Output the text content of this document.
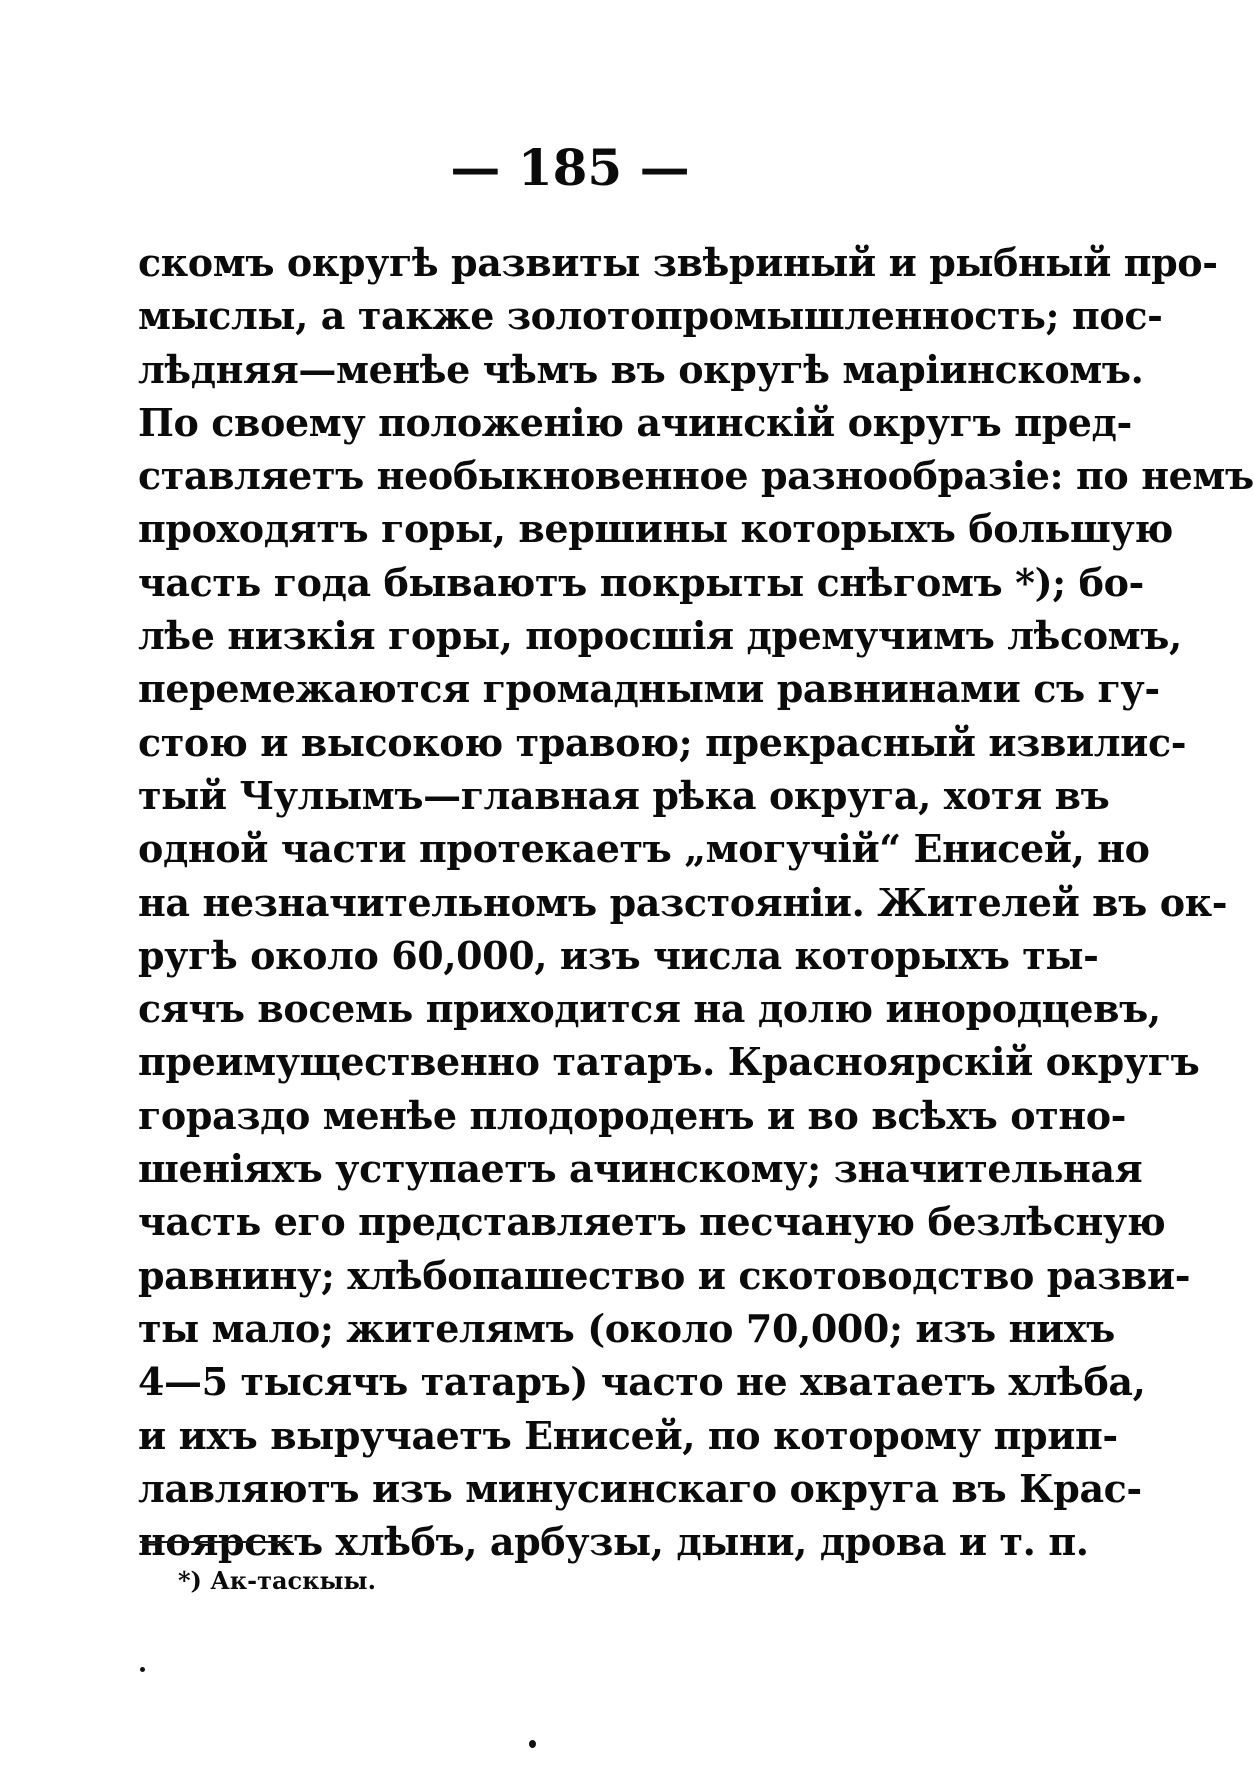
— 185 —
скомъ округѣ развиты звѣриный и рыбный про-
мыслы, а также золотопромышленность; пос-
лѣдняя—менѣе чѣмъ въ округѣ маріинскомъ.
По своему положенію ачинскій округъ пред-
ставляетъ необыкновенное разнообразіе: по немъ
проходятъ горы, вершины которыхъ большую
часть года бываютъ покрыты снѣгомъ *); бо-
лѣе низкія горы, поросшія дремучимъ лѣсомъ,
перемежаются громадными равнинами съ гу-
стою и высокою травою; прекрасный извилис-
тый Чулымъ—главная рѣка округа, хотя въ
одной части протекаетъ „могучій“ Енисей, но
на незначительномъ разстояніи. Жителей въ ок-
ругѣ около 60,000, изъ числа которыхъ ты-
сячъ восемь приходится на долю инородцевъ,
преимущественно татаръ. Красноярскій округъ
гораздо менѣе плодороденъ и во всѣхъ отно-
шеніяхъ уступаетъ ачинскому; значительная
часть его представляетъ песчаную безлѣсную
равнину; хлѣбопашество и скотоводство разви-
ты мало; жителямъ (около 70,000; изъ нихъ
4—5 тысячъ татаръ) часто не хватаетъ хлѣба,
и ихъ выручаетъ Енисей, по которому прип-
лавляютъ изъ минусинскаго округа въ Крас-
ноярскъ хлѣбъ, арбузы, дыни, дрова и т. п.
*) Ак-таскыы.
